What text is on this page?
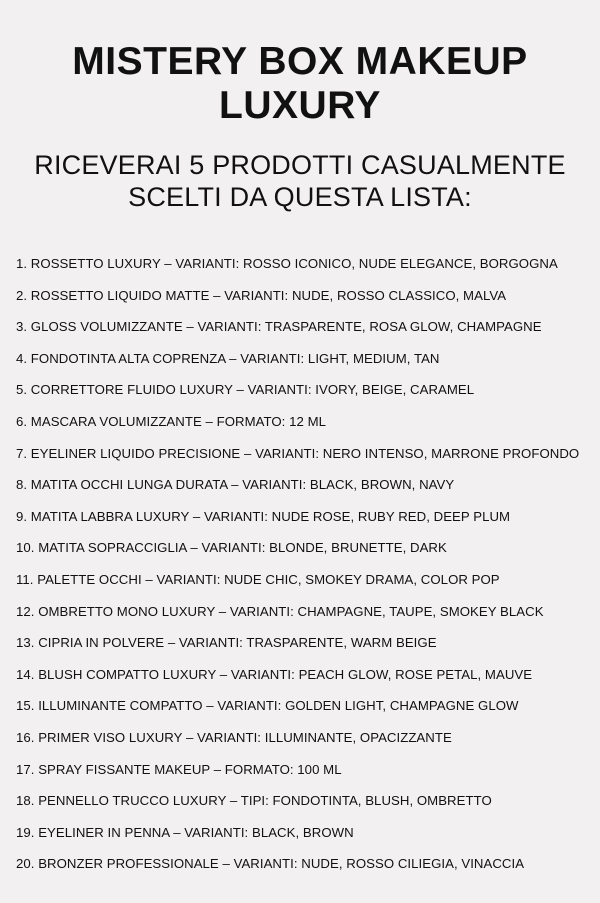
MISTERY BOX MAKEUP
LUXURY
RICEVERAI 5 PRODOTTI CASUALMENTE
SCELTI DA QUESTA LISTA:
1. ROSSETTO LUXURY – VARIANTI: ROSSO ICONICO, NUDE ELEGANCE, BORGOGNA
2. ROSSETTO LIQUIDO MATTE – VARIANTI: NUDE, ROSSO CLASSICO, MALVA
3. GLOSS VOLUMIZZANTE – VARIANTI: TRASPARENTE, ROSA GLOW, CHAMPAGNE
4. FONDOTINTA ALTA COPRENZA – VARIANTI: LIGHT, MEDIUM, TAN
5. CORRETTORE FLUIDO LUXURY – VARIANTI: IVORY, BEIGE, CARAMEL
6. MASCARA VOLUMIZZANTE – FORMATO: 12 ML
7. EYELINER LIQUIDO PRECISIONE – VARIANTI: NERO INTENSO, MARRONE PROFONDO
8. MATITA OCCHI LUNGA DURATA – VARIANTI: BLACK, BROWN, NAVY
9. MATITA LABBRA LUXURY – VARIANTI: NUDE ROSE, RUBY RED, DEEP PLUM
10. MATITA SOPRACCIGLIA – VARIANTI: BLONDE, BRUNETTE, DARK
11. PALETTE OCCHI – VARIANTI: NUDE CHIC, SMOKEY DRAMA, COLOR POP
12. OMBRETTO MONO LUXURY – VARIANTI: CHAMPAGNE, TAUPE, SMOKEY BLACK
13. CIPRIA IN POLVERE – VARIANTI: TRASPARENTE, WARM BEIGE
14. BLUSH COMPATTO LUXURY – VARIANTI: PEACH GLOW, ROSE PETAL, MAUVE
15. ILLUMINANTE COMPATTO – VARIANTI: GOLDEN LIGHT, CHAMPAGNE GLOW
16. PRIMER VISO LUXURY – VARIANTI: ILLUMINANTE, OPACIZZANTE
17. SPRAY FISSANTE MAKEUP – FORMATO: 100 ML
18. PENNELLO TRUCCO LUXURY – TIPI: FONDOTINTA, BLUSH, OMBRETTO
19. EYELINER IN PENNA – VARIANTI: BLACK, BROWN
20. BRONZER PROFESSIONALE – VARIANTI: NUDE, ROSSO CILIEGIA, VINACCIA
